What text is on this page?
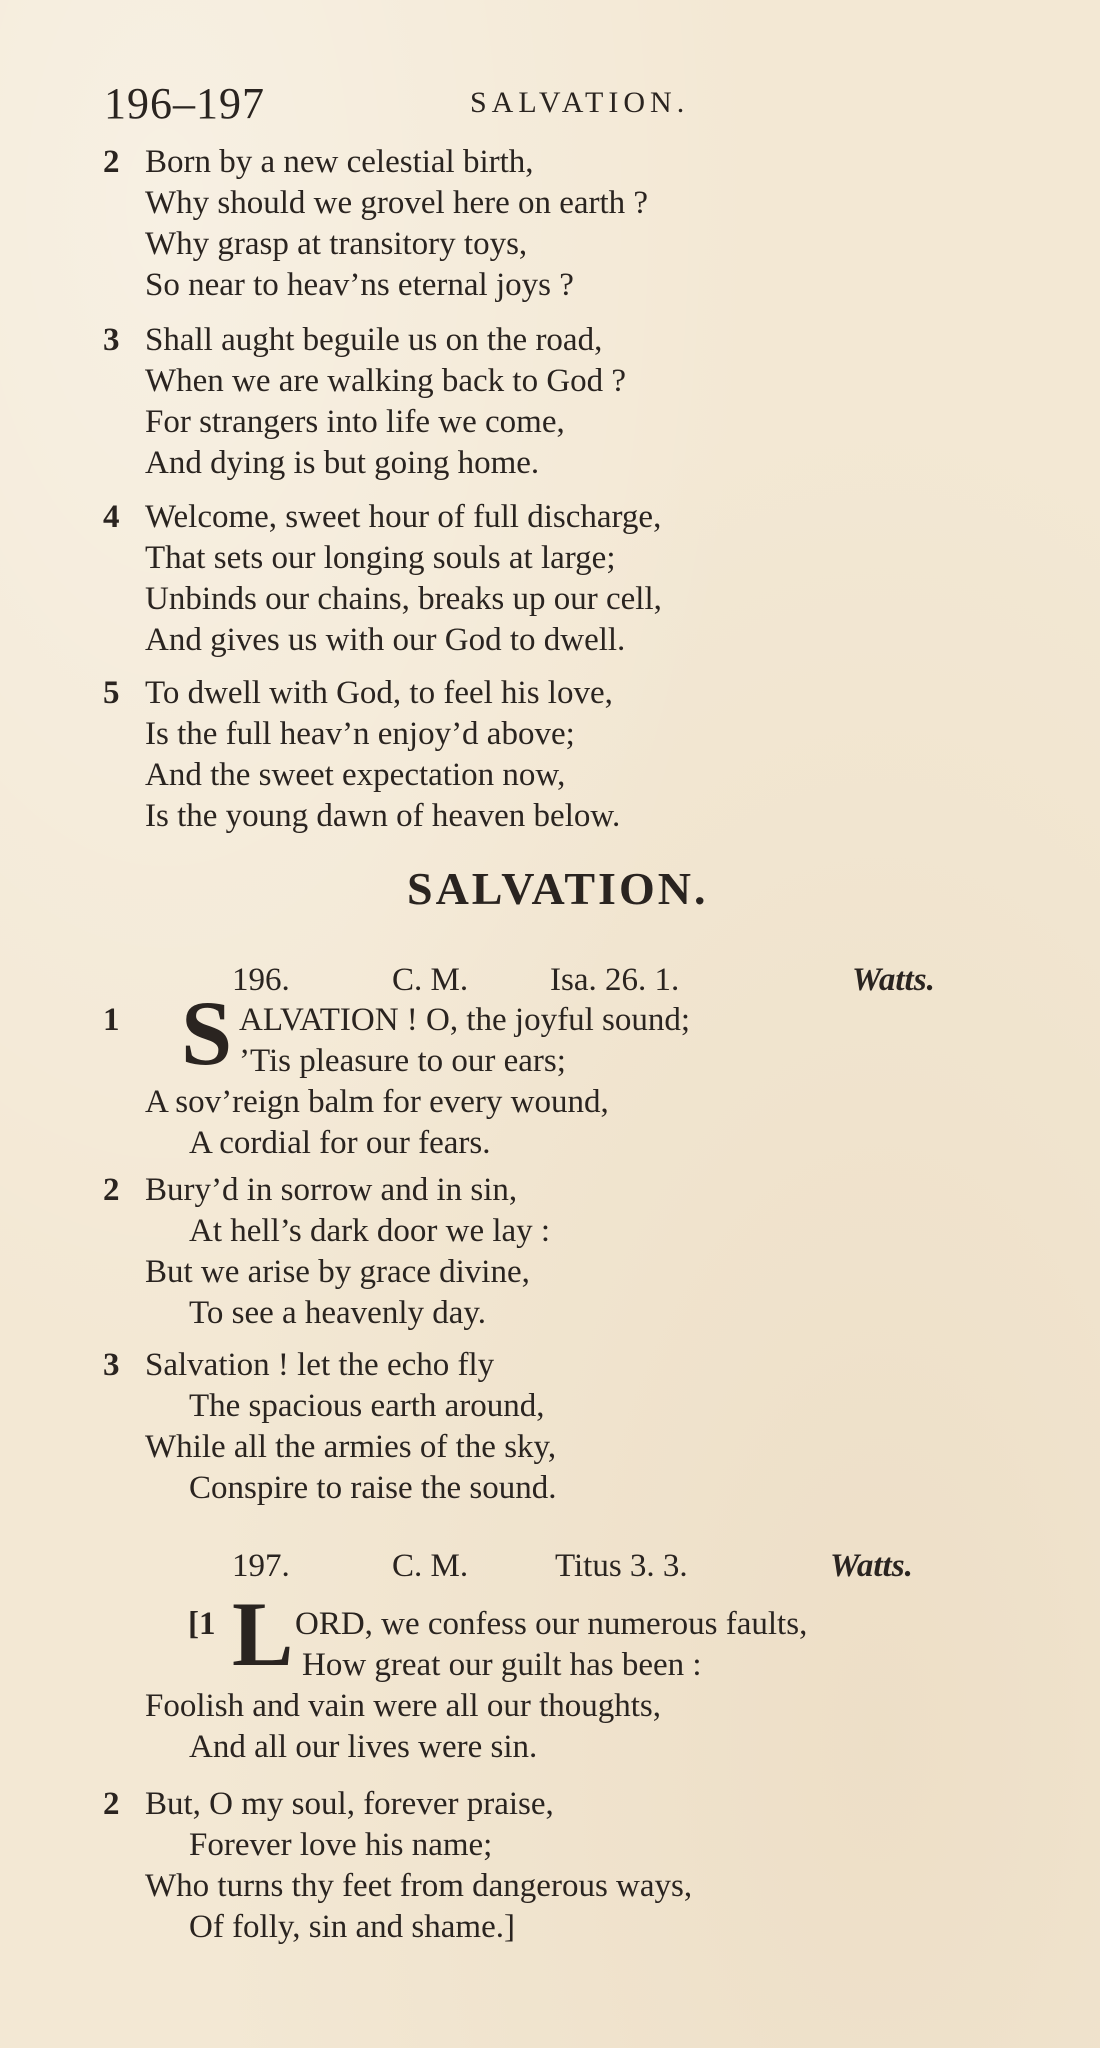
196–197	SALVATION.
2 Born by a new celestial birth,
Why should we grovel here on earth ?
Why grasp at transitory toys,
So near to heav’ns eternal joys ?
3 Shall aught beguile us on the road,
When we are walking back to God ?
For strangers into life we come,
And dying is but going home.
4 Welcome, sweet hour of full discharge,
That sets our longing souls at large;
Unbinds our chains, breaks up our cell,
And gives us with our God to dwell.
5 To dwell with God, to feel his love,
Is the full heav’n enjoy’d above;
And the sweet expectation now,
Is the young dawn of heaven below.
SALVATION.
196.	C. M. Isa. 26. 1.	Watts.
S
1	ALVATION ! O, the joyful sound;
’Tis pleasure to our ears;
A sov’reign balm for every wound,
A cordial for our fears.
2 Bury’d in sorrow and in sin,
At hell’s dark door we lay :
But we arise by grace divine,
To see a heavenly day.
3 Salvation ! let the echo fly
The spacious earth around,
While all the armies of the sky,
Conspire to raise the sound.
197.	C. M.	Titus 3. 3.	Watts.
[1 L ORD, we confess our numerous faults,
How great our guilt has been :
Foolish and vain were all our thoughts,
And all our lives were sin.
2 But, O my soul, forever praise,
Forever love his name;
Who turns thy feet from dangerous ways,
Of folly, sin and shame.]
